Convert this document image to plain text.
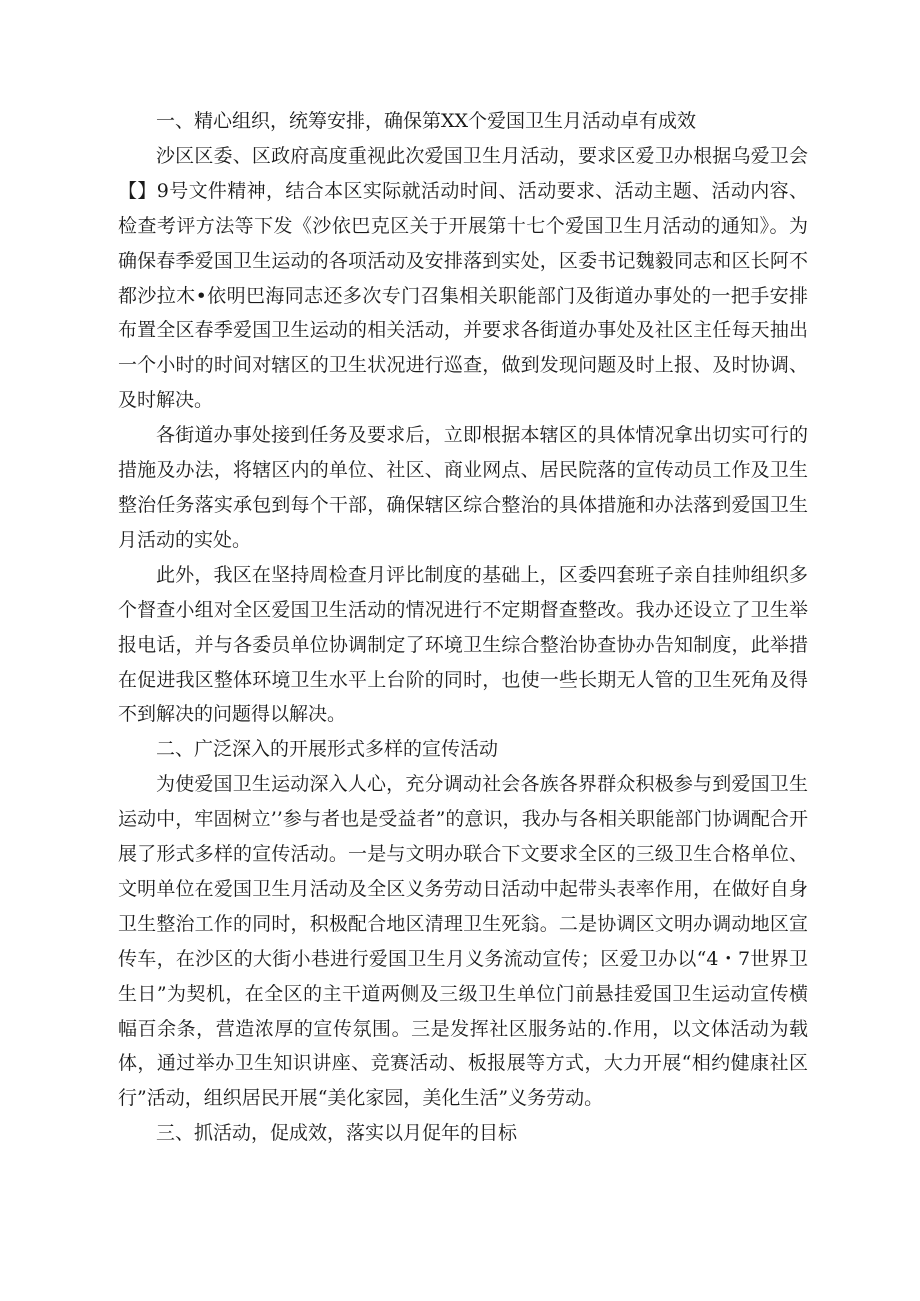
一、精心组织，统筹安排，确保第XX个爱国卫生月活动卓有成效

沙区区委、区政府高度重视此次爱国卫生月活动，要求区爱卫办根据乌爱卫会【】9号文件精神，结合本区实际就活动时间、活动要求、活动主题、活动内容、检查考评方法等下发《沙依巴克区关于开展第十七个爱国卫生月活动的通知》。为确保春季爱国卫生运动的各项活动及安排落到实处，区委书记魏毅同志和区长阿不都沙拉木•依明巴海同志还多次专门召集相关职能部门及街道办事处的一把手安排布置全区春季爱国卫生运动的相关活动，并要求各街道办事处及社区主任每天抽出一个小时的时间对辖区的卫生状况进行巡查，做到发现问题及时上报、及时协调、及时解决。

各街道办事处接到任务及要求后，立即根据本辖区的具体情况拿出切实可行的措施及办法，将辖区内的单位、社区、商业网点、居民院落的宣传动员工作及卫生整治任务落实承包到每个干部，确保辖区综合整治的具体措施和办法落到爱国卫生月活动的实处。

此外，我区在坚持周检查月评比制度的基础上，区委四套班子亲自挂帅组织多个督查小组对全区爱国卫生活动的情况进行不定期督查整改。我办还设立了卫生举报电话，并与各委员单位协调制定了环境卫生综合整治协查协办告知制度，此举措在促进我区整体环境卫生水平上台阶的同时，也使一些长期无人管的卫生死角及得不到解决的问题得以解决。

二、广泛深入的开展形式多样的宣传活动

为使爱国卫生运动深入人心，充分调动社会各族各界群众积极参与到爱国卫生运动中，牢固树立’’参与者也是受益者”的意识，我办与各相关职能部门协调配合开展了形式多样的宣传活动。一是与文明办联合下文要求全区的三级卫生合格单位、文明单位在爱国卫生月活动及全区义务劳动日活动中起带头表率作用，在做好自身卫生整治工作的同时，积极配合地区清理卫生死翁。二是协调区文明办调动地区宣传车，在沙区的大街小巷进行爱国卫生月义务流动宣传；区爱卫办以“4・7世界卫生日”为契机，在全区的主干道两侧及三级卫生单位门前悬挂爱国卫生运动宣传横幅百余条，营造浓厚的宣传氛围。三是发挥社区服务站的.作用，以文体活动为载体，通过举办卫生知识讲座、竞赛活动、板报展等方式，大力开展“相约健康社区行”活动，组织居民开展“美化家园，美化生活”义务劳动。

三、抓活动，促成效，落实以月促年的目标
